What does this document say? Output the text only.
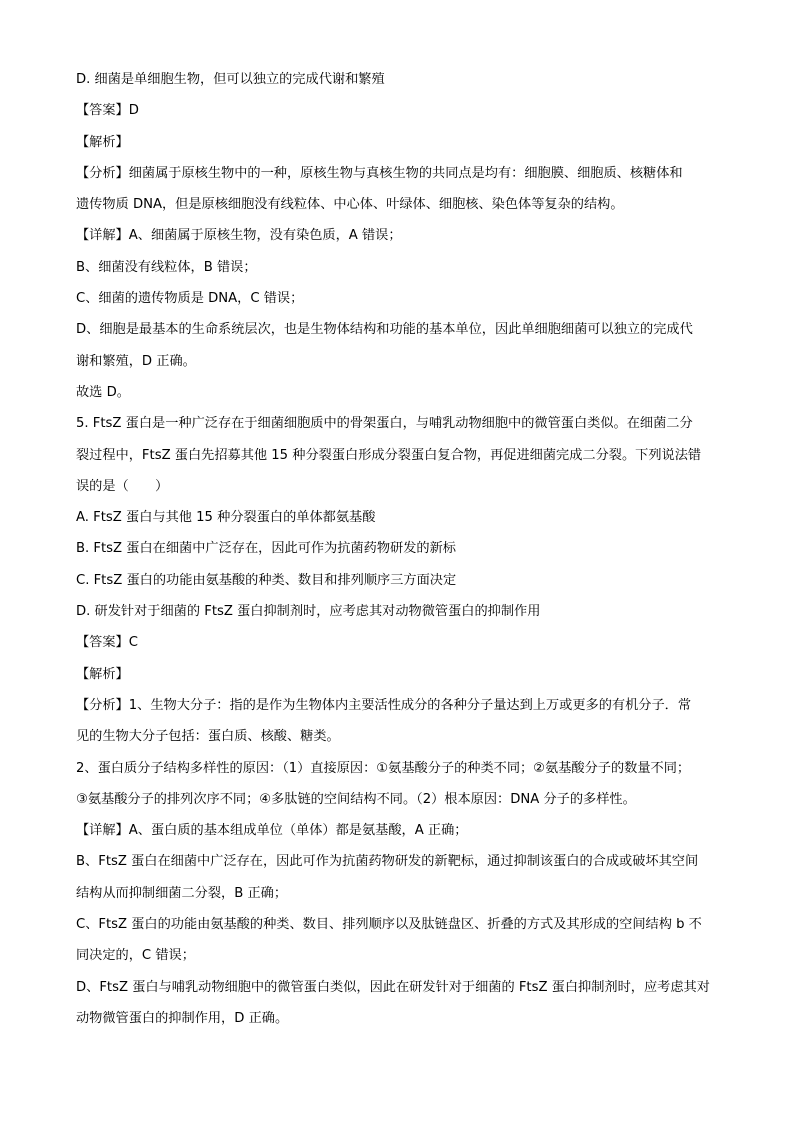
D. 细菌是单细胞生物，但可以独立的完成代谢和繁殖

【答案】D

【解析】

【分析】细菌属于原核生物中的一种，原核生物与真核生物的共同点是均有：细胞膜、细胞质、核糖体和

遗传物质 DNA，但是原核细胞没有线粒体、中心体、叶绿体、细胞核、染色体等复杂的结构。

【详解】A、细菌属于原核生物，没有染色质，A 错误；

B、细菌没有线粒体，B 错误；

C、细菌的遗传物质是 DNA，C 错误；

D、细胞是最基本的生命系统层次，也是生物体结构和功能的基本单位，因此单细胞细菌可以独立的完成代

谢和繁殖，D 正确。

故选 D。

5. FtsZ 蛋白是一种广泛存在于细菌细胞质中的骨架蛋白，与哺乳动物细胞中的微管蛋白类似。在细菌二分

裂过程中，FtsZ 蛋白先招募其他 15 种分裂蛋白形成分裂蛋白复合物，再促进细菌完成二分裂。下列说法错

误的是（　　）

A. FtsZ 蛋白与其他 15 种分裂蛋白的单体都氨基酸

B. FtsZ 蛋白在细菌中广泛存在，因此可作为抗菌药物研发的新标

C. FtsZ 蛋白的功能由氨基酸的种类、数目和排列顺序三方面决定

D. 研发针对于细菌的 FtsZ 蛋白抑制剂时，应考虑其对动物微管蛋白的抑制作用

【答案】C

【解析】

【分析】1、生物大分子：指的是作为生物体内主要活性成分的各种分子量达到上万或更多的有机分子．常

见的生物大分子包括：蛋白质、核酸、糖类。

2、蛋白质分子结构多样性的原因：（1）直接原因：①氨基酸分子的种类不同；②氨基酸分子的数量不同；

③氨基酸分子的排列次序不同；④多肽链的空间结构不同。（2）根本原因：DNA 分子的多样性。

【详解】A、蛋白质的基本组成单位（单体）都是氨基酸，A 正确；

B、FtsZ 蛋白在细菌中广泛存在，因此可作为抗菌药物研发的新靶标，通过抑制该蛋白的合成或破坏其空间

结构从而抑制细菌二分裂，B 正确；

C、FtsZ 蛋白的功能由氨基酸的种类、数目、排列顺序以及肽链盘区、折叠的方式及其形成的空间结构 b 不

同决定的，C 错误；

D、FtsZ 蛋白与哺乳动物细胞中的微管蛋白类似，因此在研发针对于细菌的 FtsZ 蛋白抑制剂时，应考虑其对

动物微管蛋白的抑制作用，D 正确。
